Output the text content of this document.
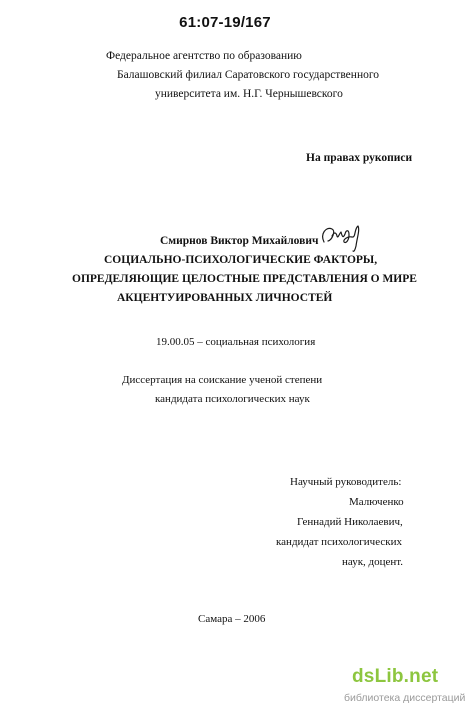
61:07-19/167
Федеральное агентство по образованию
Балашовский филиал Саратовского государственного
университета им. Н.Г. Чернышевского
На правах рукописи
Смирнов Виктор Михайлович
СОЦИАЛЬНО-ПСИХОЛОГИЧЕСКИЕ ФАКТОРЫ,
ОПРЕДЕЛЯЮЩИЕ ЦЕЛОСТНЫЕ ПРЕДСТАВЛЕНИЯ О МИРЕ
АКЦЕНТУИРОВАННЫХ ЛИЧНОСТЕЙ
19.00.05 – социальная психология
Диссертация на соискание ученой степени
кандидата психологических наук
Научный руководитель:
Малюченко
Геннадий Николаевич,
кандидат психологических
наук, доцент.
Самара – 2006
dsLib.net
библиотека диссертаций
